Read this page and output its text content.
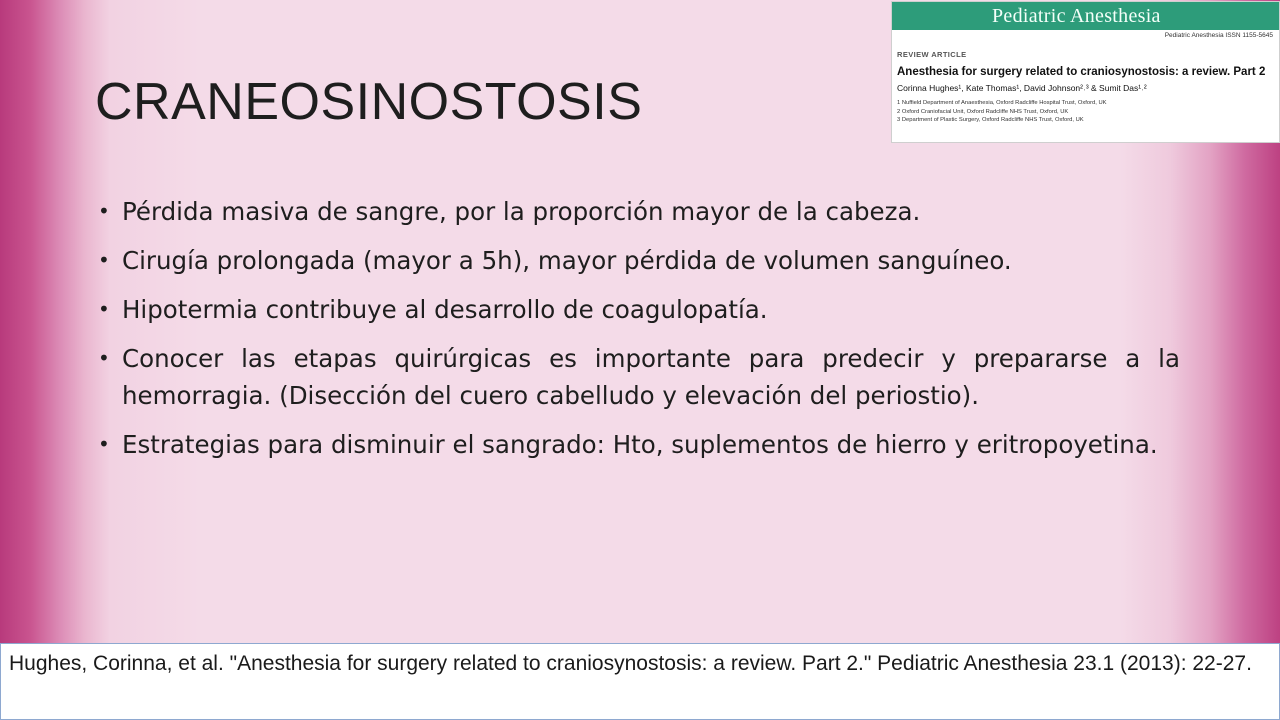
CRANEOSINOSTOSIS
• Pérdida masiva de sangre, por la proporción mayor de la cabeza.
• Cirugía prolongada (mayor a 5h), mayor pérdida de volumen sanguíneo.
• Hipotermia contribuye al desarrollo de coagulopatía.
• Conocer las etapas quirúrgicas es importante para predecir y prepararse a la hemorragia. (Disección del cuero cabelludo y elevación del periostio).
• Estrategias para disminuir el sangrado: Hto, suplementos de hierro y eritropoyetina.
Pediatric Anesthesia
Pediatric Anesthesia ISSN 1155-5645
REVIEW ARTICLE
Anesthesia for surgery related to craniosynostosis: a review. Part 2
Corinna Hughes¹, Kate Thomas¹, David Johnson²˒³ & Sumit Das¹˒²
1 Nuffield Department of Anaesthesia, Oxford Radcliffe Hospital Trust, Oxford, UK
2 Oxford Craniofacial Unit, Oxford Radcliffe NHS Trust, Oxford, UK
3 Department of Plastic Surgery, Oxford Radcliffe NHS Trust, Oxford, UK
Hughes, Corinna, et al. "Anesthesia for surgery related to craniosynostosis: a review. Part 2." Pediatric Anesthesia 23.1 (2013): 22-27.
